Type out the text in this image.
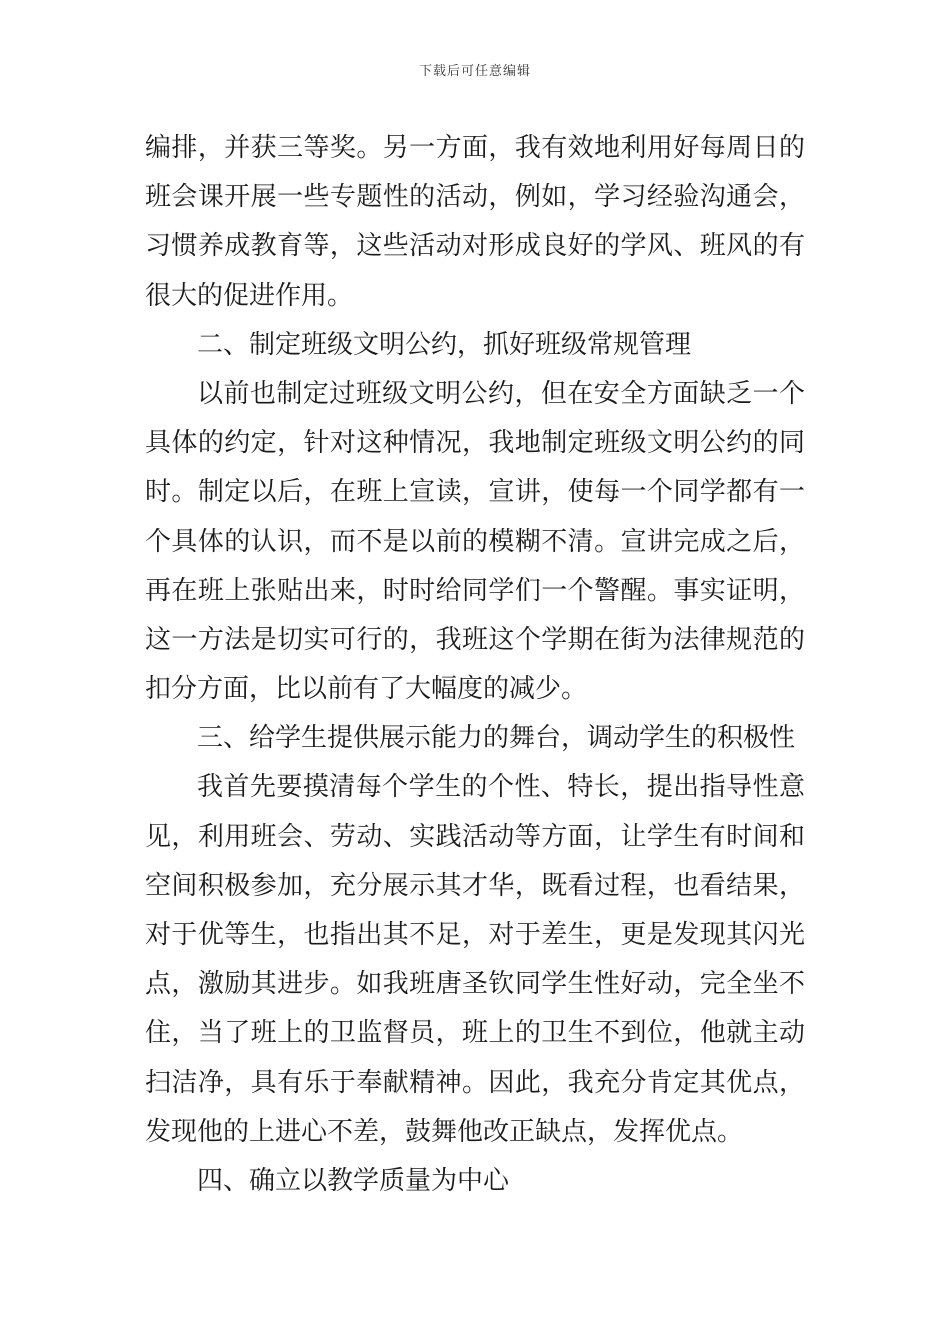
下载后可任意编辑
编排，并获三等奖。另一方面，我有效地利用好每周日的
班会课开展一些专题性的活动，例如，学习经验沟通会，
习惯养成教育等，这些活动对形成良好的学风、班风的有
很大的促进作用。
二、制定班级文明公约，抓好班级常规管理
以前也制定过班级文明公约，但在安全方面缺乏一个
具体的约定，针对这种情况，我地制定班级文明公约的同
时。制定以后，在班上宣读，宣讲，使每一个同学都有一
个具体的认识，而不是以前的模糊不清。宣讲完成之后，
再在班上张贴出来，时时给同学们一个警醒。事实证明，
这一方法是切实可行的，我班这个学期在街为法律规范的
扣分方面，比以前有了大幅度的减少。
三、给学生提供展示能力的舞台，调动学生的积极性
我首先要摸清每个学生的个性、特长，提出指导性意
见，利用班会、劳动、实践活动等方面，让学生有时间和
空间积极参加，充分展示其才华，既看过程，也看结果，
对于优等生，也指出其不足，对于差生，更是发现其闪光
点，激励其进步。如我班唐圣钦同学生性好动，完全坐不
住，当了班上的卫监督员，班上的卫生不到位，他就主动
扫洁净，具有乐于奉献精神。因此，我充分肯定其优点，
发现他的上进心不差，鼓舞他改正缺点，发挥优点。
四、确立以教学质量为中心
